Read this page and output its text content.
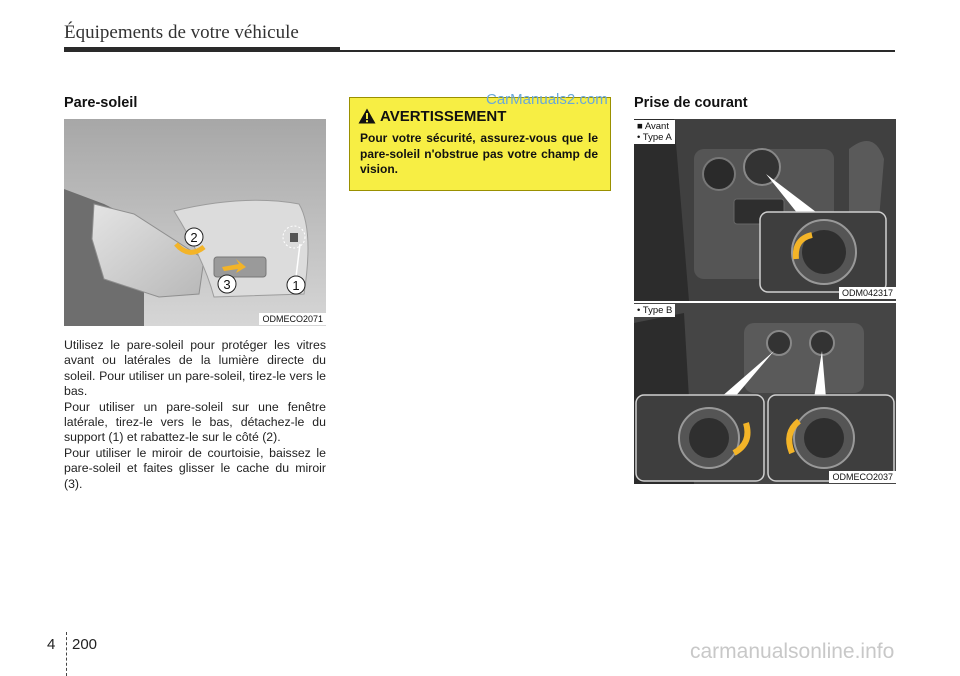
Équipements de votre véhicule
Pare-soleil
2
3	1
ODMECO2071

Utilisez le pare-soleil pour protéger les vitres avant ou latérales de la lumière directe du soleil. Pour utiliser un pare-soleil, tirez-le vers le bas.

Pour utiliser un pare-soleil sur une fenêtre latérale, tirez-le vers le bas, détachez-le du support (1) et rabattez-le sur le côté (2).

Pour utiliser le miroir de courtoisie, baissez le pare-soleil et faites glisser le cache du miroir (3).

AVERTISSEMENT
Pour votre sécurité, assurez-vous que le pare-soleil n'obstrue pas votre champ de vision.
CarManuals2.com Prise de courant
■ Avant
• Type A
ODM042317
• Type B
ODMECO2037
4 200	carmanualsonline.info
